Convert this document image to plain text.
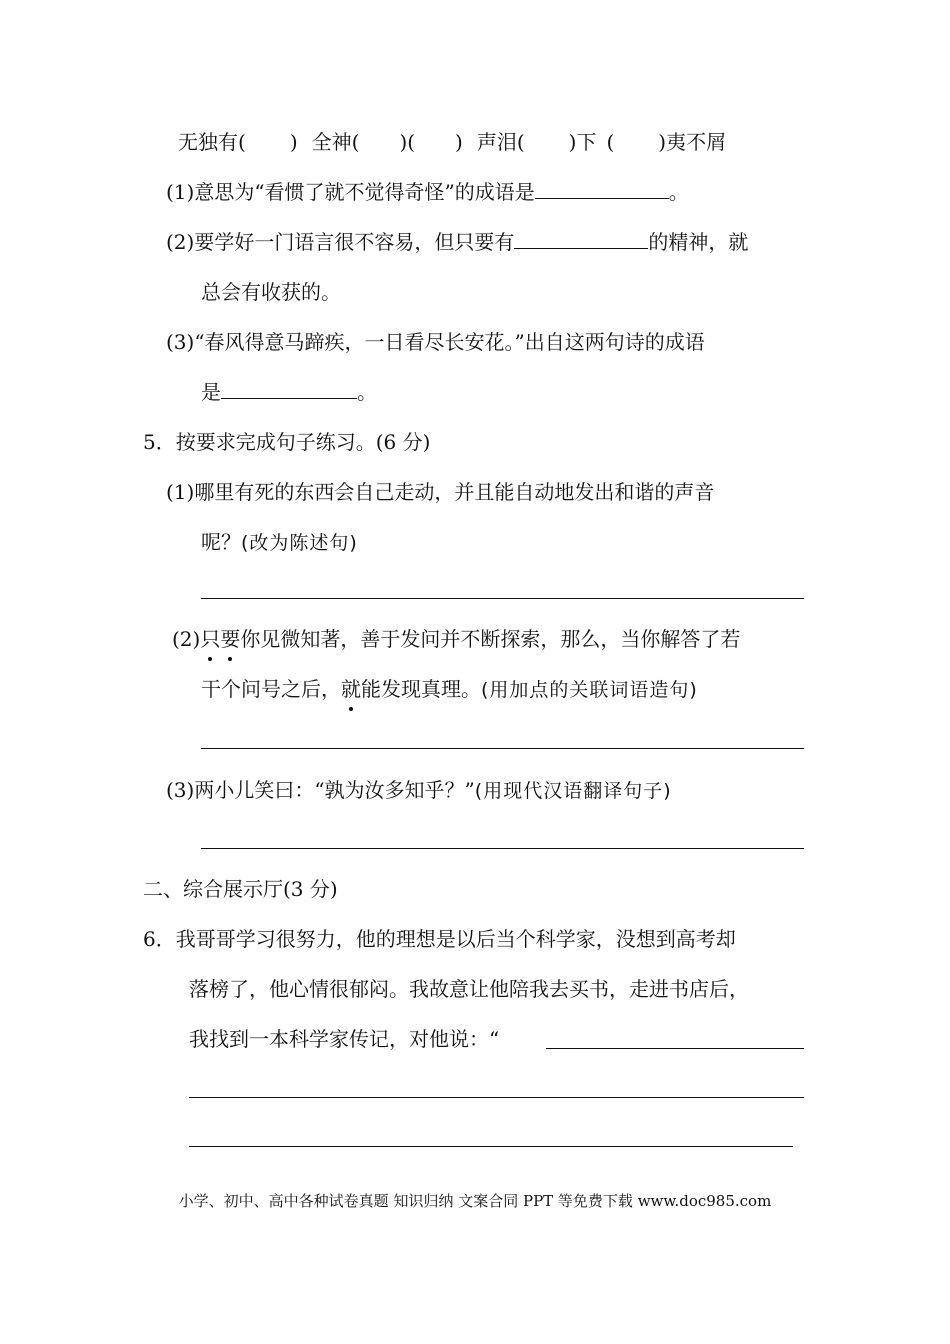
无独有( ) 全神( )( ) 声泪( )下 ( )夷不屑
(1)意思为“看惯了就不觉得奇怪”的成语是	。
(2)要学好一门语言很不容易，但只要有	的精神，就
总会有收获的。
(3)“春风得意马蹄疾，一日看尽长安花。”出自这两句诗的成语
是	。
5．按要求完成句子练习。(6 分)
(1)哪里有死的东西会自己走动，并且能自动地发出和谐的声音
呢？(改为陈述句)
(2)只要你见微知著，善于发问并不断探索，那么，当你解答了若
干个问号之后，就能发现真理。(用加点的关联词语造句)
(3)两小儿笑曰：“孰为汝多知乎？”(用现代汉语翻译句子)
二、综合展示厅(3 分)
6．我哥哥学习很努力，他的理想是以后当个科学家，没想到高考却
落榜了，他心情很郁闷。我故意让他陪我去买书，走进书店后，
我找到一本科学家传记，对他说：“
小学、初中、高中各种试卷真题 知识归纳 文案合同 PPT 等免费下载 www.doc985.com
